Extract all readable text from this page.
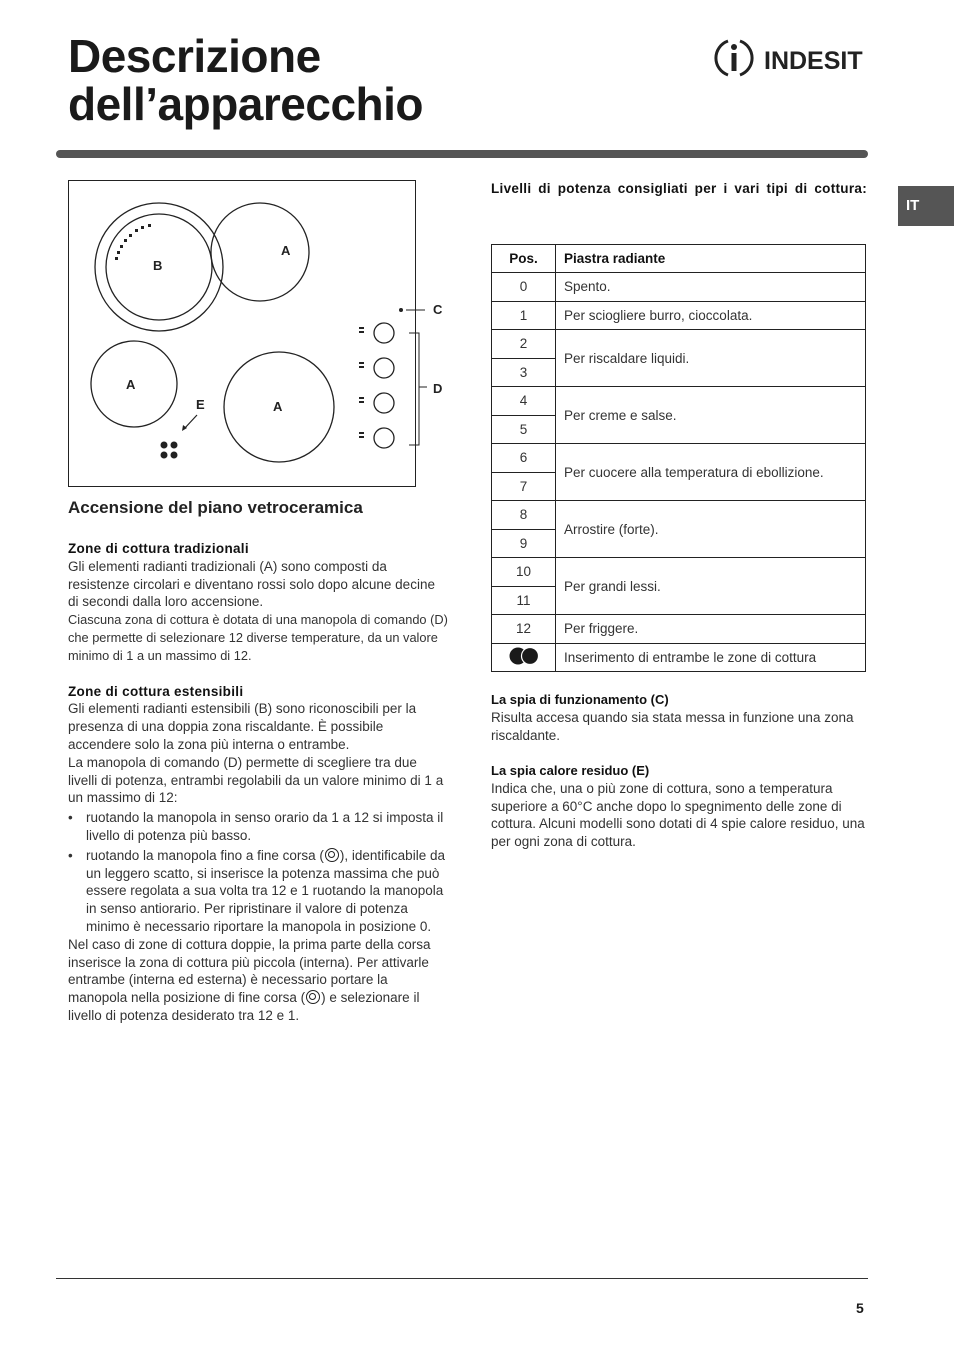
Descrizione
dell’apparecchio
INDESIT
IT
B
A
A
A
E
C
D
Accensione del piano vetroceramica
Zone di cottura tradizionali
Gli elementi radianti tradizionali (A) sono composti da resistenze circolari e diventano rossi solo dopo alcune decine di secondi dalla loro accensione.
Ciascuna zona di cottura è dotata di una manopola di comando (D) che permette di selezionare 12 diverse temperature, da un valore minimo di 1 a un massimo di 12.
Zone di cottura estensibili
Gli elementi radianti estensibili (B) sono riconoscibili per la presenza di una doppia zona riscaldante. È possibile accendere solo la zona più interna o entrambe.
La manopola di comando (D) permette di scegliere tra due livelli di potenza, entrambi regolabili da un valore minimo di 1 a un massimo di 12:
• ruotando la manopola in senso orario da 1 a 12 si imposta il livello di potenza più basso.
• ruotando la manopola fino a fine corsa ( ), identificabile da un leggero scatto, si inserisce la potenza massima che può essere regolata a sua volta tra 12 e 1 ruotando la manopola in senso antiorario. Per ripristinare il valore di potenza minimo è necessario riportare la manopola in posizione 0.
Nel caso di zone di cottura doppie, la prima parte della corsa inserisce la zona di cottura più piccola (interna). Per attivarle entrambe (interna ed esterna) è necessario portare la manopola nella posizione di fine corsa ( ) e selezionare il livello di potenza desiderato tra 12 e 1.
Livelli di potenza consigliati per i vari tipi di cottura:
Pos.	Piastra radiante
0	Spento.
1	Per sciogliere burro, cioccolata.
2	Per riscaldare liquidi.
3	
4	Per creme e salse.
5	
6	Per cuocere alla temperatura di ebollizione.
7	
8	Arrostire (forte).
9	
10	Per grandi lessi.
11	
12	Per friggere.
	Inserimento di entrambe le zone di cottura
La spia di funzionamento (C)
Risulta accesa quando sia stata messa in funzione una zona riscaldante.
La spia calore residuo (E)
Indica che, una o più zone di cottura, sono a temperatura superiore a 60°C anche dopo lo spegnimento delle zone di cottura. Alcuni modelli sono dotati di 4 spie calore residuo, una per ogni zona di cottura.
5
